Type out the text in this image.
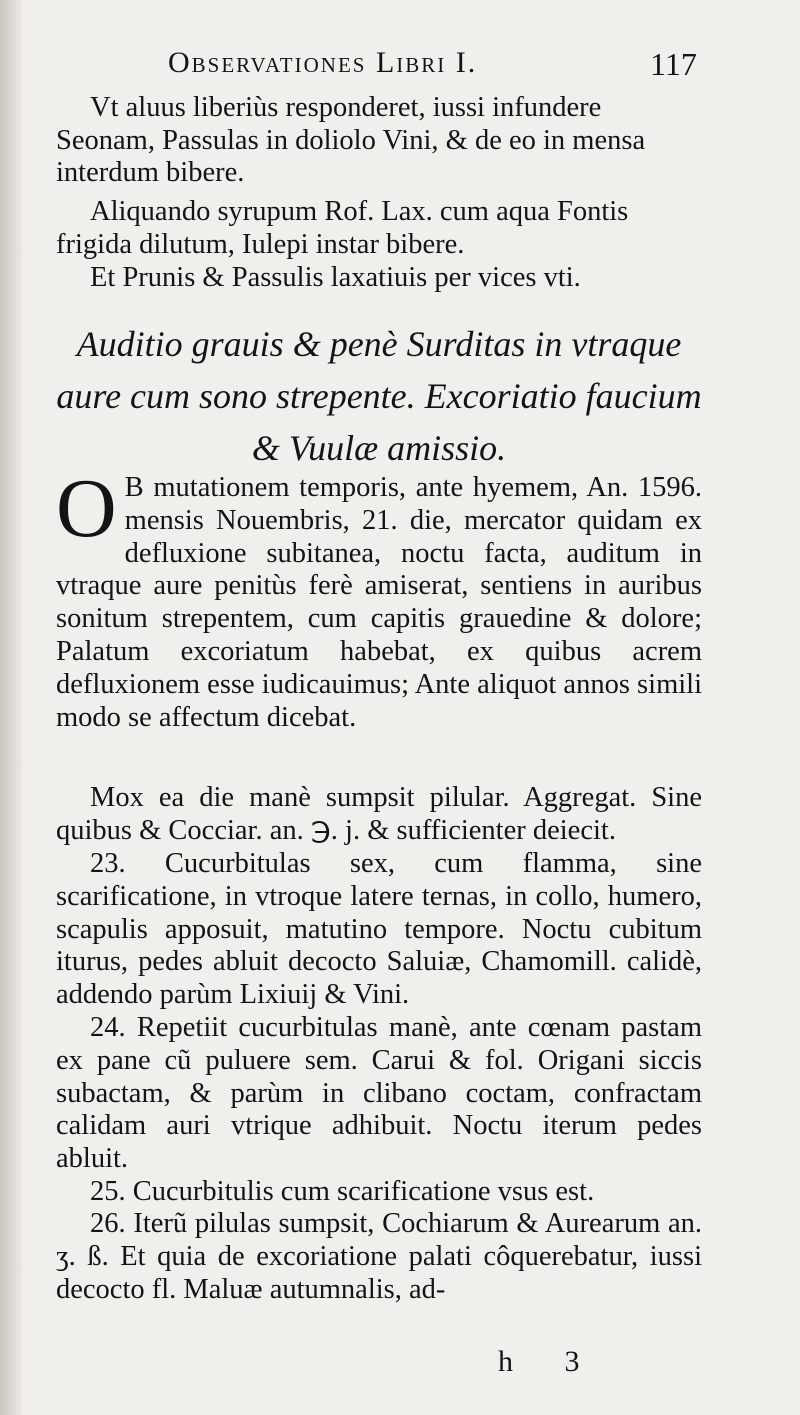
Observationes Libri I.	117
Vt aluus liberiùs responderet, iussi infundere Seonam, Passulas in doliolo Vini, & de eo in mensa interdum bibere.
Aliquando syrupum Rof. Lax. cum aqua Fontis frigida dilutum, Iulepi instar bibere.
Et Prunis & Passulis laxatiuis per vices vti.
Auditio grauis & penè Surditas in vtraque aure cum sono strepente. Excoriatio faucium & Vuulæ amissio.
O B mutationem temporis, ante hyemem, An. 1596. mensis Nouembris, 21. die, mercator quidam ex defluxione subitanea, noctu facta, auditum in vtraque aure penitùs ferè amiserat, sentiens in auribus sonitum strepentem, cum capitis grauedine & dolore; Palatum excoriatum habebat, ex quibus acrem defluxionem esse iudicauimus; Ante aliquot annos simili modo se affectum dicebat.
Mox ea die manè sumpsit pilular. Aggregat. Sine quibus & Cocciar. an. ℈. j. & sufficienter deiecit.
23. Cucurbitulas sex, cum flamma, sine scarificatione, in vtroque latere ternas, in collo, humero, scapulis apposuit, matutino tempore. Noctu cubitum iturus, pedes abluit decocto Saluiæ, Chamomill. calidè, addendo parùm Lixiuij & Vini.
24. Repetiit cucurbitulas manè, ante cœnam pastam ex pane cũ puluere sem. Carui & fol. Origani siccis subactam, & parùm in clibano coctam, confractam calidam auri vtrique adhibuit. Noctu iterum pedes abluit.
25. Cucurbitulis cum scarificatione vsus est.
26. Iterũ pilulas sumpsit, Cochiarum & Aurearum an. ʒ. ß. Et quia de excoriatione palati côquerebatur, iussi decocto fl. Maluæ autumnalis, ad-
h 3
